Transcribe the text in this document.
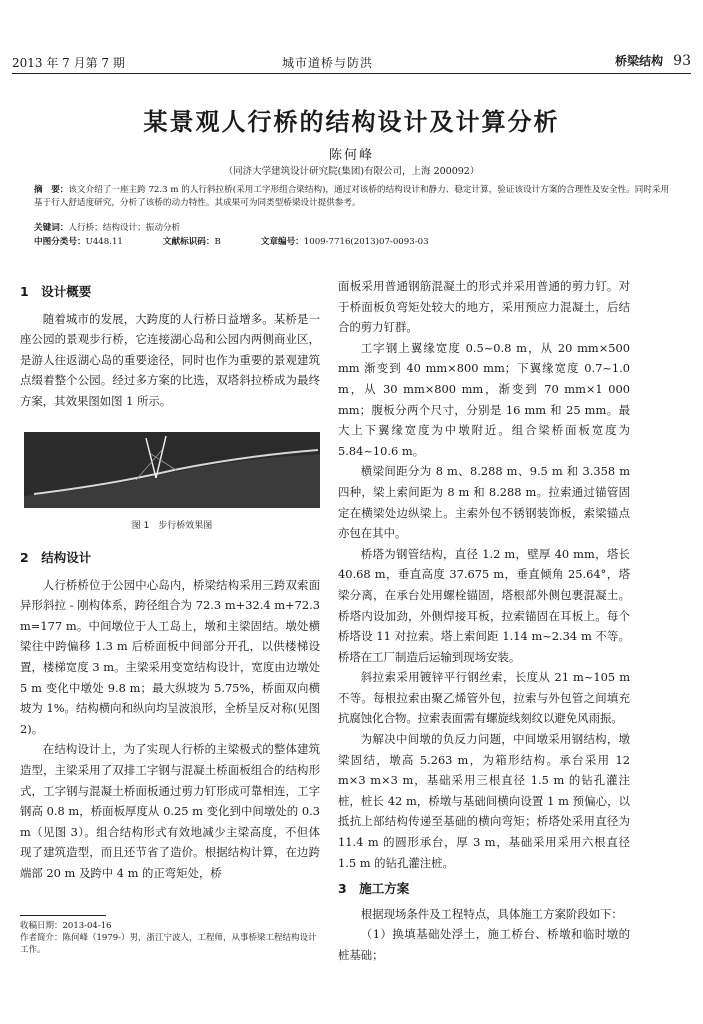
2013 年 7 月第 7 期	城市道桥与防洪	桥梁结构 93
某景观人行桥的结构设计及计算分析
陈何峰
（同济大学建筑设计研究院(集团)有限公司，上海 200092）
摘　要：该文介绍了一座主跨 72.3 m 的人行斜拉桥(采用工字形组合梁结构)，通过对该桥的结构设计和静力、稳定计算，验证该设计方案的合理性及安全性。同时采用基于行人舒适度研究，分析了该桥的动力特性。其成果可为同类型桥梁设计提供参考。
关键词：人行桥；结构设计；振动分析
中图分类号：U448.11	文献标识码：B	文章编号：1009-7716(2013)07-0093-03
1　设计概要

随着城市的发展，大跨度的人行桥日益增多。某桥是一座公园的景观步行桥，它连接湖心岛和公园内两侧商业区，是游人往返湖心岛的重要途径，同时也作为重要的景观建筑点缀着整个公园。经过多方案的比选，双塔斜拉桥成为最终方案，其效果图如图 1 所示。

图 1　步行桥效果图
2　结构设计

人行桥桥位于公园中心岛内，桥梁结构采用三跨双索面异形斜拉 - 刚构体系，跨径组合为 72.3 m+32.4 m+72.3 m=177 m。中间墩位于人工岛上，墩和主梁固结。墩处横梁往中跨偏移 1.3 m 后桥面板中间部分开孔，以供楼梯设置，楼梯宽度 3 m。主梁采用变宽结构设计，宽度由边墩处 5 m 变化中墩处 9.8 m；最大纵坡为 5.75%，桥面双向横坡为 1%。结构横向和纵向均呈波浪形，全桥呈反对称(见图 2)。

在结构设计上，为了实现人行桥的主梁极式的整体建筑造型，主梁采用了双排工字钢与混凝土桥面板组合的结构形式，工字钢与混凝土桥面板通过剪力钉形成可靠相连，工字钢高 0.8 m，桥面板厚度从 0.25 m 变化到中间墩处的 0.3 m（见图 3）。组合结构形式有效地减少主梁高度，不但体现了建筑造型，而且还节省了造价。根据结构计算，在边跨端部 20 m 及跨中 4 m 的正弯矩处，桥

收稿日期：2013-04-16
作者简介：陈何峰（1979-）男，浙江宁波人，工程师，从事桥梁工程结构设计工作。

面板采用普通钢筋混凝土的形式并采用普通的剪力钉。对于桥面板负弯矩处较大的地方，采用预应力混凝土，后结合的剪力钉群。

工字钢上翼缘宽度 0.5~0.8 m，从 20 mm×500 mm 渐变到 40 mm×800 mm；下翼缘宽度 0.7~1.0 m，从 30 mm×800 mm，渐变到 70 mm×1 000 mm；腹板分两个尺寸，分别是 16 mm 和 25 mm。最大上下翼缘宽度为中墩附近。组合梁桥面板宽度为 5.84~10.6 m。

横梁间距分为 8 m、8.288 m、9.5 m 和 3.358 m 四种，梁上索间距为 8 m 和 8.288 m。拉索通过锚管固定在横梁处边纵梁上。主索外包不锈钢装饰板，索梁锚点亦包在其中。

桥塔为钢管结构，直径 1.2 m，壁厚 40 mm，塔长 40.68 m，垂直高度 37.675 m，垂直倾角 25.64°，塔梁分离，在承台处用螺栓锚固，塔根部外侧包裹混凝土。桥塔内设加劲，外侧焊接耳板，拉索锚固在耳板上。每个桥塔设 11 对拉索。塔上索间距 1.14 m~2.34 m 不等。桥塔在工厂制造后运输到现场安装。

斜拉索采用镀锌平行钢丝索，长度从 21 m~105 m 不等。每根拉索由聚乙烯管外包，拉索与外包管之间填充抗腐蚀化合物。拉索表面需有螺旋线刻纹以避免风雨振。

为解决中间墩的负反力问题，中间墩采用钢结构，墩梁固结，墩高 5.263 m，为箱形结构。承台采用 12 m×3 m×3 m，基础采用三根直径 1.5 m 的钻孔灌注桩，桩长 42 m，桥墩与基础间横向设置 1 m 预偏心，以抵抗上部结构传递至基础的横向弯矩；桥塔处采用直径为 11.4 m 的圆形承台，厚 3 m，基础采用采用六根直径 1.5 m 的钻孔灌注桩。

3　施工方案

根据现场条件及工程特点，具体施工方案阶段如下：

（1）换填基础处浮土，施工桥台、桥墩和临时墩的桩基础；
